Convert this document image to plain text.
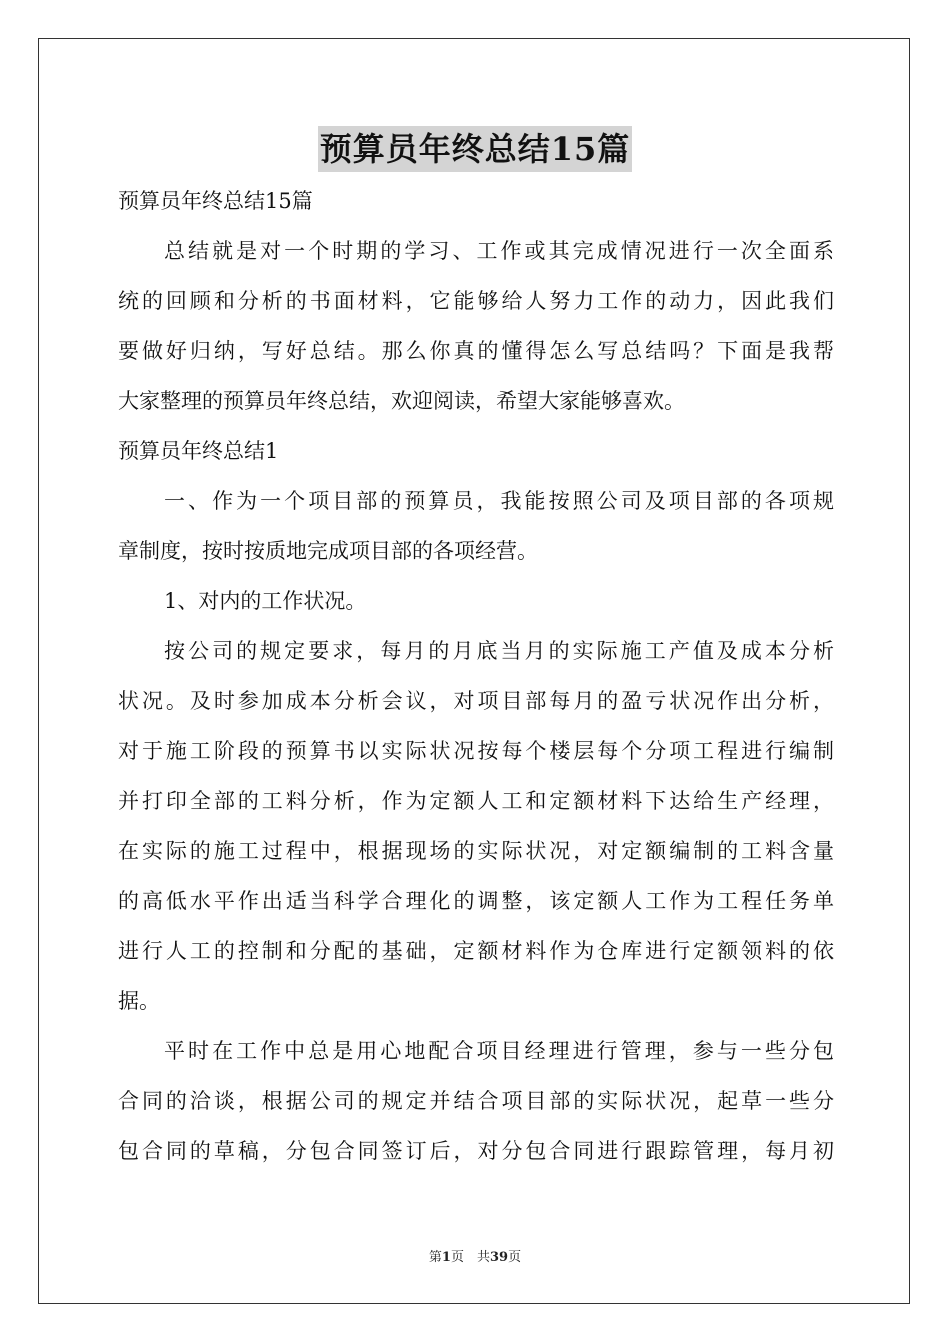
预算员年终总结15篇
预算员年终总结15篇
总结就是对一个时期的学习、工作或其完成情况进行一次全面系
统的回顾和分析的书面材料，它能够给人努力工作的动力，因此我们
要做好归纳，写好总结。那么你真的懂得怎么写总结吗？下面是我帮
大家整理的预算员年终总结，欢迎阅读，希望大家能够喜欢。
预算员年终总结1
一、作为一个项目部的预算员，我能按照公司及项目部的各项规
章制度，按时按质地完成项目部的各项经营。
1、对内的工作状况。
按公司的规定要求，每月的月底当月的实际施工产值及成本分析
状况。及时参加成本分析会议，对项目部每月的盈亏状况作出分析，
对于施工阶段的预算书以实际状况按每个楼层每个分项工程进行编制
并打印全部的工料分析，作为定额人工和定额材料下达给生产经理，
在实际的施工过程中，根据现场的实际状况，对定额编制的工料含量
的高低水平作出适当科学合理化的调整，该定额人工作为工程任务单
进行人工的控制和分配的基础，定额材料作为仓库进行定额领料的依
据。
平时在工作中总是用心地配合项目经理进行管理，参与一些分包
合同的洽谈，根据公司的规定并结合项目部的实际状况，起草一些分
包合同的草稿，分包合同签订后，对分包合同进行跟踪管理，每月初
第1页　共39页
